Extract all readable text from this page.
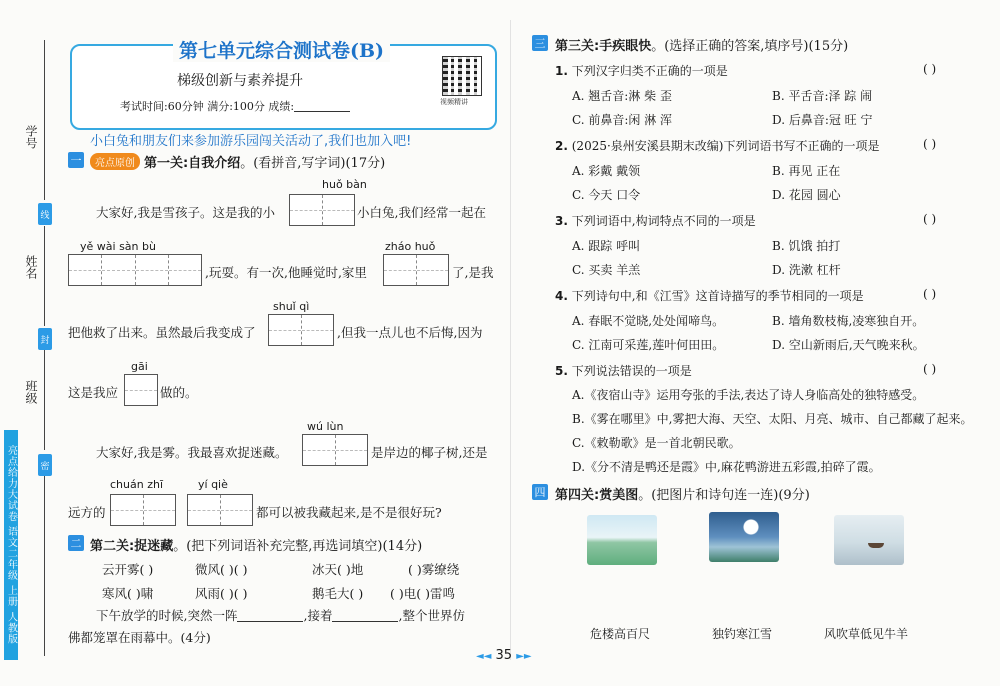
学号
姓名
班级
线
封
密
亮点给力大试卷 语文二年级 上册 人教版
第七单元综合测试卷(B)
梯级创新与素养提升
考试时间:60分钟 满分:100分 成绩:	视频精讲
小白兔和朋友们来参加游乐园闯关活动了,我们也加入吧!
一	亮点原创 第一关:自我介绍。(看拼音,写字词)(17分)
huǒ bàn
大家好,我是雪孩子。这是我的小	小白兔,我们经常一起在
yě wài sàn bù
,玩耍。有一次,他睡觉时,家里
zháo huǒ
了,是我
shuǐ qì
把他救了出来。虽然最后我变成了	,但我一点儿也不后悔,因为
gāi
这是我应	做的。
wú lùn
大家好,我是雾。我最喜欢捉迷藏。	是岸边的椰子树,还是
chuán zhī
远方的
yí qiè
都可以被我藏起来,是不是很好玩?
二 第二关:捉迷藏。(把下列词语补充完整,再选词填空)(14分)
云开雾( )	微风( )( )	冰天( )地	( )雾缭绕
寒风( )啸	风雨( )( )	鹅毛大( ) ( )电( )雷鸣
下午放学的时候,突然一阵	,接着	,整个世界仿
佛都笼罩在雨幕中。(4分)
三 第三关:手疾眼快。(选择正确的答案,填序号)(15分)
1. 下列汉字归类不正确的一项是	( )
A. 翘舌音:淋 柴 歪	B. 平舌音:泽 踪 闹
C. 前鼻音:闲 淋 浑	D. 后鼻音:冠 旺 宁
2. (2025·泉州安溪县期末改编)下列词语书写不正确的一项是	( )
A. 彩戴 戴领	B. 再见 正在
C. 今天 口令	D. 花园 圆心
3. 下列词语中,构词特点不同的一项是	( )
A. 跟踪 呼叫	B. 饥饿 拍打
C. 买卖 羊羔	D. 洗漱 杠杆
4. 下列诗句中,和《江雪》这首诗描写的季节相同的一项是	( )
A. 春眠不觉晓,处处闻啼鸟。	B. 墙角数枝梅,凌寒独自开。
C. 江南可采莲,莲叶何田田。	D. 空山新雨后,天气晚来秋。
5. 下列说法错误的一项是	( )
A.《夜宿山寺》运用夸张的手法,表达了诗人身临高处的独特感受。
B.《雾在哪里》中,雾把大海、天空、太阳、月亮、城市、自己都藏了起来。
C.《敕勒歌》是一首北朝民歌。
D.《分不清是鸭还是霞》中,麻花鸭游进五彩霞,拍碎了霞。
四 第四关:赏美图。(把图片和诗句连一连)(9分)
危楼高百尺	独钓寒江雪	风吹草低见牛羊
◄◄ 35 ►►
